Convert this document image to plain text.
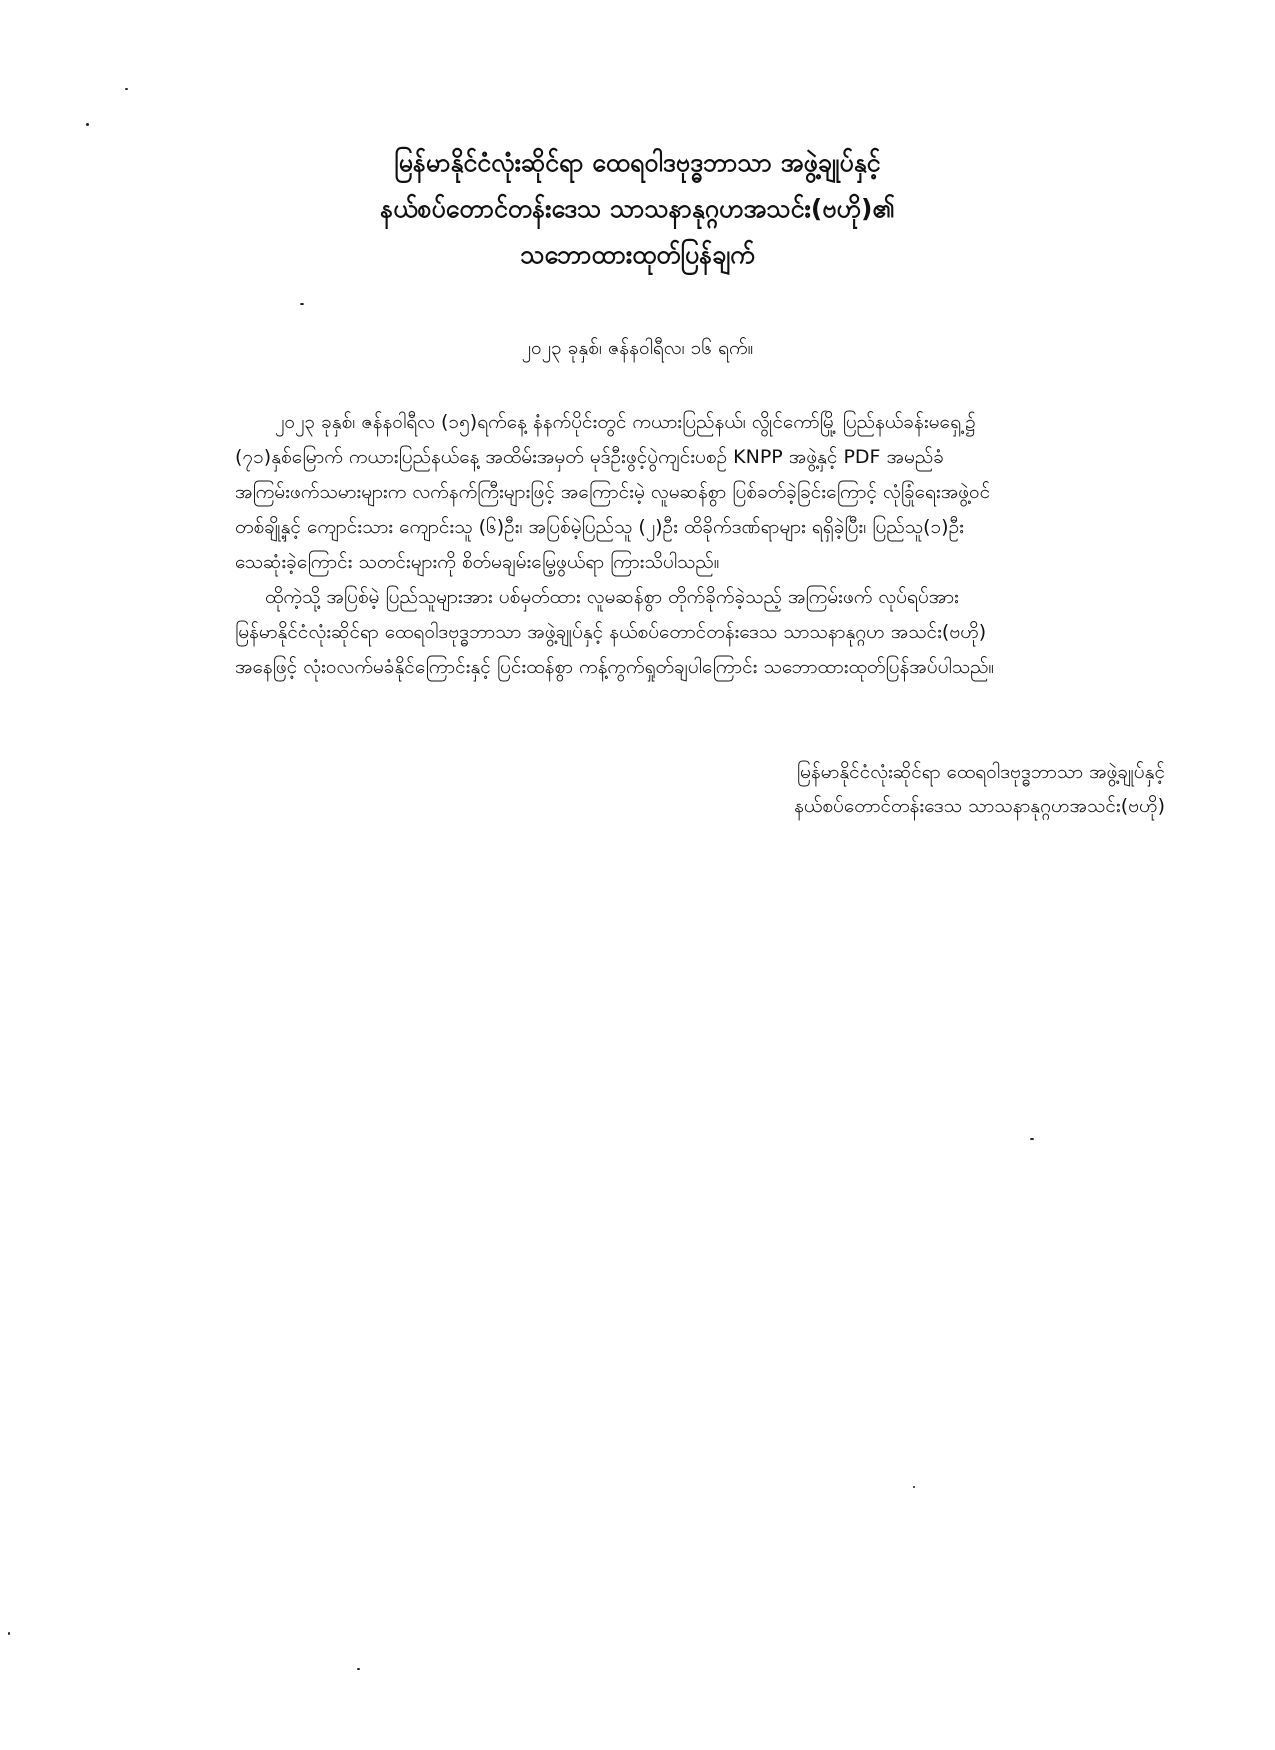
မြန်မာနိုင်ငံလုံးဆိုင်ရာ ထေရဝါဒဗုဒ္ဓဘာသာ အဖွဲ့ချုပ်နှင့်
နယ်စပ်တောင်တန်းဒေသ သာသနာနုဂ္ဂဟအသင်း(ဗဟို)၏
သဘောထားထုတ်ပြန်ချက်
၂၀၂၃ ခုနှစ်၊ ဇန်နဝါရီလ၊ ၁၆ ရက်။
၂၀၂၃ ခုနှစ်၊ ဇန်နဝါရီလ (၁၅)ရက်နေ့ နံနက်ပိုင်းတွင် ကယားပြည်နယ်၊ လွိုင်ကော်မြို့ ပြည်နယ်ခန်းမရှေ့၌
(၇၁)နှစ်မြောက် ကယားပြည်နယ်နေ့ အထိမ်းအမှတ် မုဒ်ဦးဖွင့်ပွဲကျင်းပစဉ် KNPP အဖွဲ့နှင့် PDF အမည်ခံ
အကြမ်းဖက်သမားများက လက်နက်ကြီးများဖြင့် အကြောင်းမဲ့ လူမဆန်စွာ ပြစ်ခတ်ခဲ့ခြင်းကြောင့် လုံခြုံရေးအဖွဲ့ဝင်
တစ်ချို့နှင့် ကျောင်းသား ကျောင်းသူ (၆)ဦး၊ အပြစ်မဲ့ပြည်သူ (၂)ဦး ထိခိုက်ဒဏ်ရာများ ရရှိခဲ့ပြီး၊ ပြည်သူ(၁)ဦး
သေဆုံးခဲ့ကြောင်း သတင်းများကို စိတ်မချမ်းမြေ့ဖွယ်ရာ ကြားသိပါသည်။
ထိုကဲ့သို့ အပြစ်မဲ့ ပြည်သူများအား ပစ်မှတ်ထား လူမဆန်စွာ တိုက်ခိုက်ခဲ့သည့် အကြမ်းဖက် လုပ်ရပ်အား
မြန်မာနိုင်ငံလုံးဆိုင်ရာ ထေရဝါဒဗုဒ္ဓဘာသာ အဖွဲ့ချုပ်နှင့် နယ်စပ်တောင်တန်းဒေသ သာသနာနုဂ္ဂဟ အသင်း(ဗဟို)
အနေဖြင့် လုံးဝလက်မခံနိုင်ကြောင်းနှင့် ပြင်းထန်စွာ ကန့်ကွက်ရှုတ်ချပါကြောင်း သဘောထားထုတ်ပြန်အပ်ပါသည်။
မြန်မာနိုင်ငံလုံးဆိုင်ရာ ထေရဝါဒဗုဒ္ဓဘာသာ အဖွဲ့ချုပ်နှင့်
နယ်စပ်တောင်တန်းဒေသ သာသနာနုဂ္ဂဟအသင်း(ဗဟို)
